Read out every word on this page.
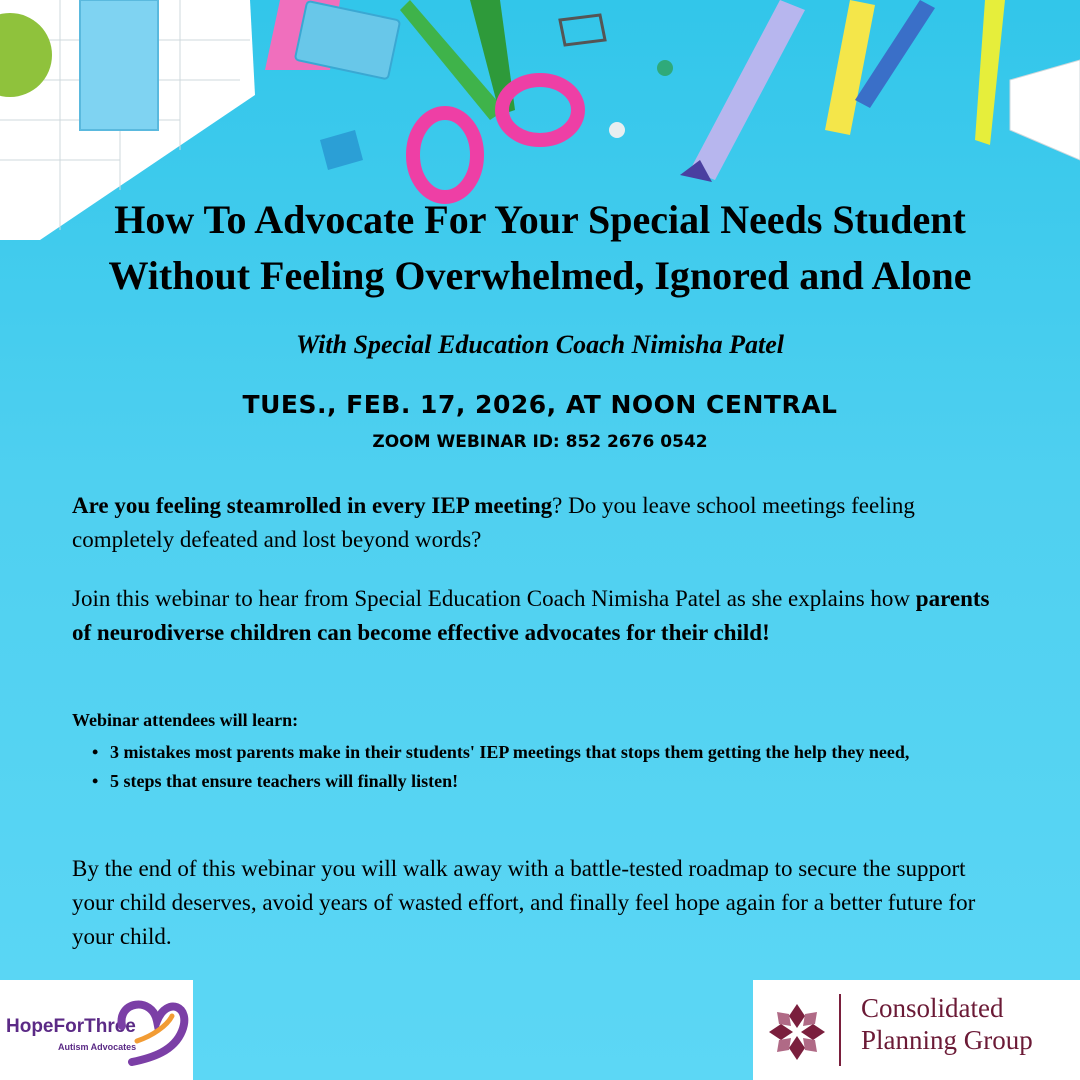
How To Advocate For Your Special Needs Student
Without Feeling Overwhelmed, Ignored and Alone
With Special Education Coach Nimisha Patel
TUES., FEB. 17, 2026, AT NOON CENTRAL
ZOOM WEBINAR ID: 852 2676 0542
Are you feeling steamrolled in every IEP meeting? Do you leave school meetings feeling completely defeated and lost beyond words?
Join this webinar to hear from Special Education Coach Nimisha Patel as she explains how parents of neurodiverse children can become effective advocates for their child!
Webinar attendees will learn:
• 3 mistakes most parents make in their students' IEP meetings that stops them getting the help they need,
• 5 steps that ensure teachers will finally listen!
By the end of this webinar you will walk away with a battle-tested roadmap to secure the support your child deserves, avoid years of wasted effort, and finally feel hope again for a better future for your child.
HopeForThree
Autism Advocates
Consolidated
Planning Group
